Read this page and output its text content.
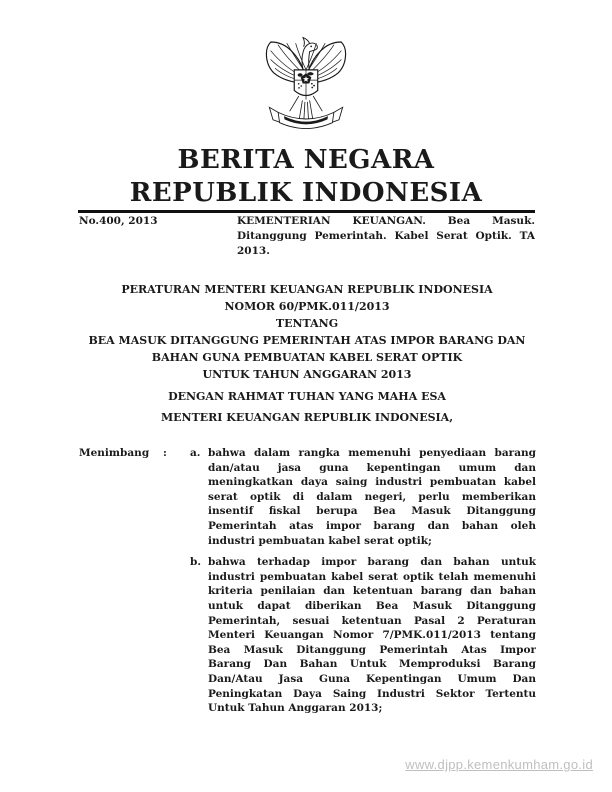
BERITA NEGARA
REPUBLIK INDONESIA
No.400, 2013	KEMENTERIAN KEUANGAN. Bea Masuk.
Ditanggung Pemerintah. Kabel Serat Optik. TA
2013.
PERATURAN MENTERI KEUANGAN REPUBLIK INDONESIA
NOMOR 60/PMK.011/2013
TENTANG
BEA MASUK DITANGGUNG PEMERINTAH ATAS IMPOR BARANG DAN
BAHAN GUNA PEMBUATAN KABEL SERAT OPTIK
UNTUK TAHUN ANGGARAN 2013
DENGAN RAHMAT TUHAN YANG MAHA ESA
MENTERI KEUANGAN REPUBLIK INDONESIA,
Menimbang	:	a. bahwa dalam rangka memenuhi penyediaan barang
dan/atau jasa guna kepentingan umum dan
meningkatkan daya saing industri pembuatan kabel
serat optik di dalam negeri, perlu memberikan
insentif fiskal berupa Bea Masuk Ditanggung
Pemerintah atas impor barang dan bahan oleh
industri pembuatan kabel serat optik;
b. bahwa terhadap impor barang dan bahan untuk
industri pembuatan kabel serat optik telah memenuhi
kriteria penilaian dan ketentuan barang dan bahan
untuk dapat diberikan Bea Masuk Ditanggung
Pemerintah, sesuai ketentuan Pasal 2 Peraturan
Menteri Keuangan Nomor 7/PMK.011/2013 tentang
Bea Masuk Ditanggung Pemerintah Atas Impor
Barang Dan Bahan Untuk Memproduksi Barang
Dan/Atau Jasa Guna Kepentingan Umum Dan
Peningkatan Daya Saing Industri Sektor Tertentu
Untuk Tahun Anggaran 2013;
www.djpp.kemenkumham.go.id
